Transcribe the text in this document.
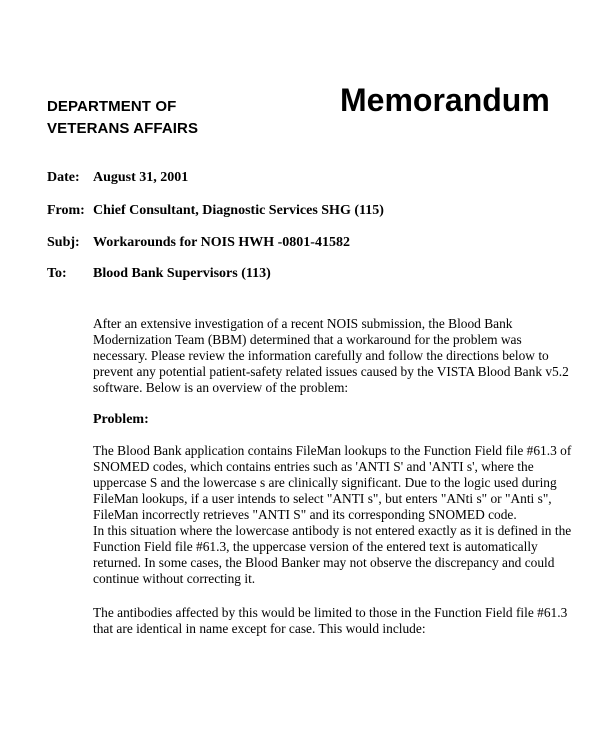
DEPARTMENT OF
VETERANS AFFAIRS
Memorandum
Date: August 31, 2001
From: Chief Consultant, Diagnostic Services SHG (115)
Subj: Workarounds for NOIS HWH -0801-41582
To: Blood Bank Supervisors (113)
After an extensive investigation of a recent NOIS submission, the Blood Bank
Modernization Team (BBM) determined that a workaround for the problem was
necessary. Please review the information carefully and follow the directions below to
prevent any potential patient-safety related issues caused by the VISTA Blood Bank v5.2
software. Below is an overview of the problem:
Problem:
The Blood Bank application contains FileMan lookups to the Function Field file #61.3 of
SNOMED codes, which contains entries such as 'ANTI S' and 'ANTI s', where the
uppercase S and the lowercase s are clinically significant. Due to the logic used during
FileMan lookups, if a user intends to select "ANTI s", but enters "ANti s" or "Anti s",
FileMan incorrectly retrieves "ANTI S" and its corresponding SNOMED code.
In this situation where the lowercase antibody is not entered exactly as it is defined in the
Function Field file #61.3, the uppercase version of the entered text is automatically
returned. In some cases, the Blood Banker may not observe the discrepancy and could
continue without correcting it.
The antibodies affected by this would be limited to those in the Function Field file #61.3
that are identical in name except for case. This would include:
